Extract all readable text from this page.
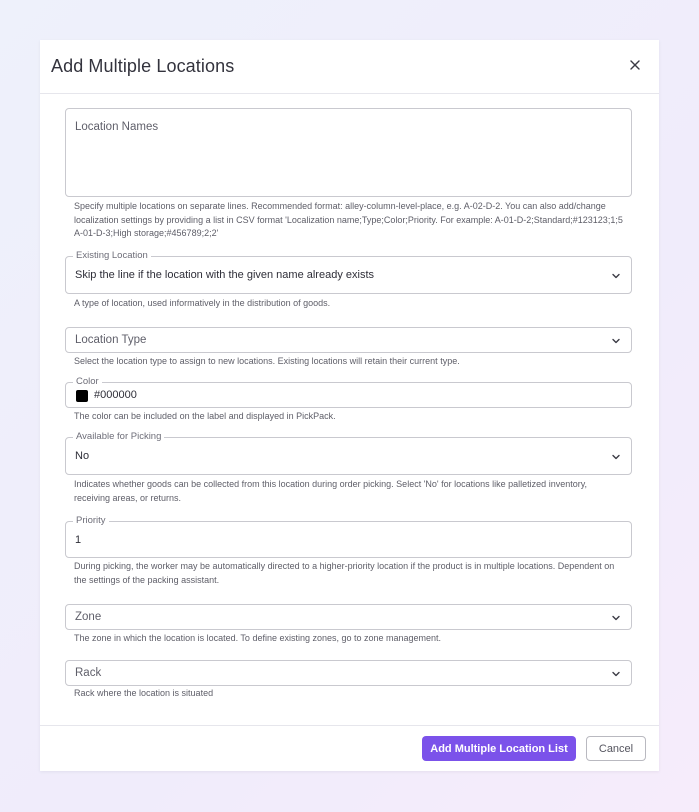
Add Multiple Locations
Location Names
Specify multiple locations on separate lines. Recommended format: alley-column-level-place, e.g. A-02-D-2. You can also add/change localization settings by providing a list in CSV format 'Localization name;Type;Color;Priority. For example: A-01-D-2;Standard;#123123;1;5 A-01-D-3;High storage;#456789;2;2'
Existing Location
Skip the line if the location with the given name already exists
A type of location, used informatively in the distribution of goods.
Location Type
Select the location type to assign to new locations. Existing locations will retain their current type.
Color
#000000
The color can be included on the label and displayed in PickPack.
Available for Picking
No
Indicates whether goods can be collected from this location during order picking. Select 'No' for locations like palletized inventory, receiving areas, or returns.
Priority
1
During picking, the worker may be automatically directed to a higher-priority location if the product is in multiple locations. Dependent on the settings of the packing assistant.
Zone
The zone in which the location is located. To define existing zones, go to zone management.
Rack
Rack where the location is situated
Add Multiple Location List	Cancel
